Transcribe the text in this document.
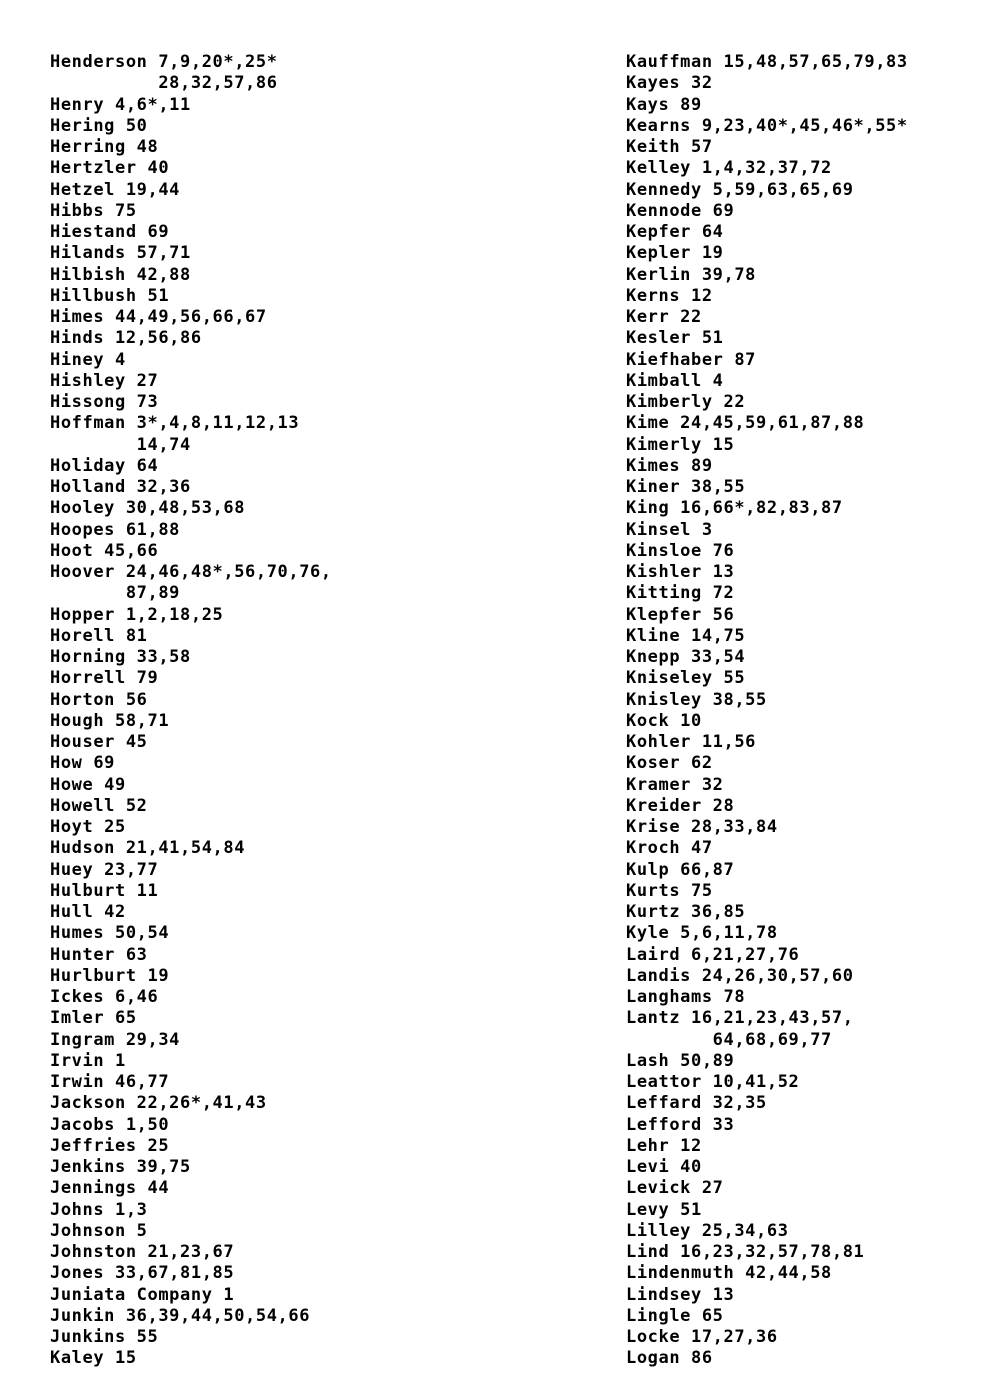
Henderson 7,9,20*,25*
28,32,57,86
Henry 4,6*,11
Hering 50
Herring 48
Hertzler 40
Hetzel 19,44
Hibbs 75
Hiestand 69
Hilands 57,71
Hilbish 42,88
Hillbush 51
Himes 44,49,56,66,67
Hinds 12,56,86
Hiney 4
Hishley 27
Hissong 73
Hoffman 3*,4,8,11,12,13
14,74
Holiday 64
Holland 32,36
Hooley 30,48,53,68
Hoopes 61,88
Hoot 45,66
Hoover 24,46,48*,56,70,76,
87,89
Hopper 1,2,18,25
Horell 81
Horning 33,58
Horrell 79
Horton 56
Hough 58,71
Houser 45
How 69
Howe 49
Howell 52
Hoyt 25
Hudson 21,41,54,84
Huey 23,77
Hulburt 11
Hull 42
Humes 50,54
Hunter 63
Hurlburt 19
Ickes 6,46
Imler 65
Ingram 29,34
Irvin 1
Irwin 46,77
Jackson 22,26*,41,43
Jacobs 1,50
Jeffries 25
Jenkins 39,75
Jennings 44
Johns 1,3
Johnson 5
Johnston 21,23,67
Jones 33,67,81,85
Juniata Company 1
Junkin 36,39,44,50,54,66
Junkins 55
Kaley 15
Kauffman 15,48,57,65,79,83
Kayes 32
Kays 89
Kearns 9,23,40*,45,46*,55*
Keith 57
Kelley 1,4,32,37,72
Kennedy 5,59,63,65,69
Kennode 69
Kepfer 64
Kepler 19
Kerlin 39,78
Kerns 12
Kerr 22
Kesler 51
Kiefhaber 87
Kimball 4
Kimberly 22
Kime 24,45,59,61,87,88
Kimerly 15
Kimes 89
Kiner 38,55
King 16,66*,82,83,87
Kinsel 3
Kinsloe 76
Kishler 13
Kitting 72
Klepfer 56
Kline 14,75
Knepp 33,54
Kniseley 55
Knisley 38,55
Kock 10
Kohler 11,56
Koser 62
Kramer 32
Kreider 28
Krise 28,33,84
Kroch 47
Kulp 66,87
Kurts 75
Kurtz 36,85
Kyle 5,6,11,78
Laird 6,21,27,76
Landis 24,26,30,57,60
Langhams 78
Lantz 16,21,23,43,57,
64,68,69,77
Lash 50,89
Leattor 10,41,52
Leffard 32,35
Lefford 33
Lehr 12
Levi 40
Levick 27
Levy 51
Lilley 25,34,63
Lind 16,23,32,57,78,81
Lindenmuth 42,44,58
Lindsey 13
Lingle 65
Locke 17,27,36
Logan 86
